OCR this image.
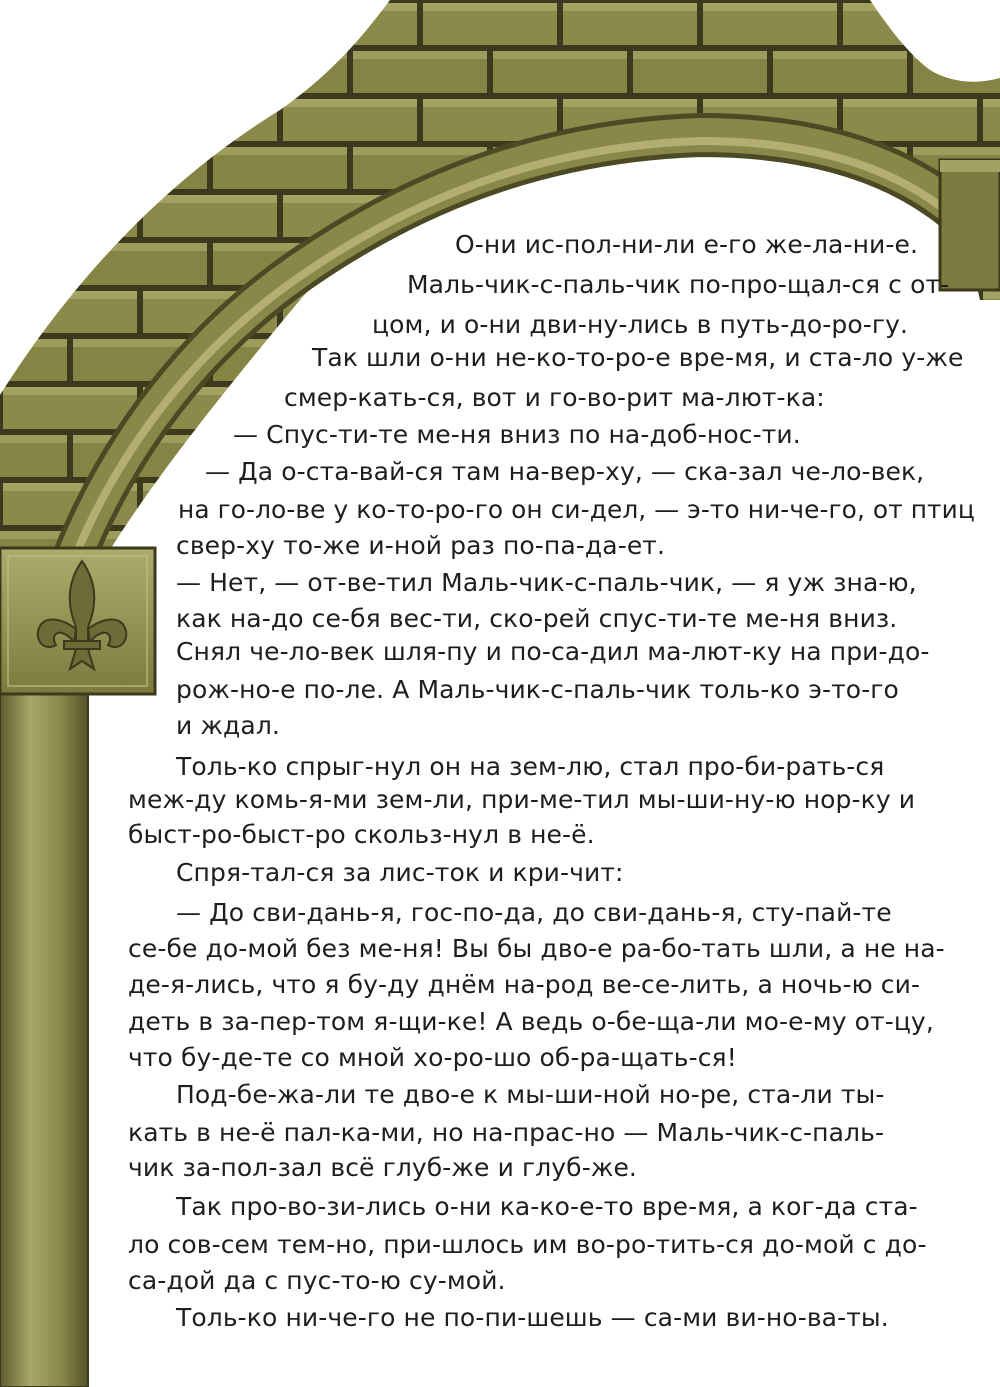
О-ни ис-пол-ни-ли е-го же-ла-ни-е.
Маль-чик-с-паль-чик по-про-щал-ся с от-
цом, и о-ни дви-ну-лись в путь-до-ро-гу.
Так шли о-ни не-ко-то-ро-е вре-мя, и ста-ло у-же
смер-кать-ся, вот и го-во-рит ма-лют-ка:
— Спус-ти-те ме-ня вниз по на-доб-нос-ти.
— Да о-ста-вай-ся там на-вер-ху, — ска-зал че-ло-век,
на го-ло-ве у ко-то-ро-го он си-дел, — э-то ни-че-го, от птиц
свер-ху то-же и-ной раз по-па-да-ет.
— Нет, — от-ве-тил Маль-чик-с-паль-чик, — я уж зна-ю,
как на-до се-бя вес-ти, ско-рей спус-ти-те ме-ня вниз.
Снял че-ло-век шля-пу и по-са-дил ма-лют-ку на при-до-
рож-но-е по-ле. А Маль-чик-с-паль-чик толь-ко э-то-го
и ждал.
Толь-ко спрыг-нул он на зем-лю, стал про-би-рать-ся
меж-ду комь-я-ми зем-ли, при-ме-тил мы-ши-ну-ю нор-ку и
быст-ро-быст-ро скольз-нул в не-ё.
Спря-тал-ся за лис-ток и кри-чит:
— До сви-дань-я, гос-по-да, до сви-дань-я, сту-пай-те
се-бе до-мой без ме-ня! Вы бы дво-е ра-бо-тать шли, а не на-
де-я-лись, что я бу-ду днём на-род ве-се-лить, а ночь-ю си-
деть в за-пер-том я-щи-ке! А ведь о-бе-ща-ли мо-е-му от-цу,
что бу-де-те со мной хо-ро-шо об-ра-щать-ся!
Под-бе-жа-ли те дво-е к мы-ши-ной но-ре, ста-ли ты-
кать в не-ё пал-ка-ми, но на-прас-но — Маль-чик-с-паль-
чик за-пол-зал всё глуб-же и глуб-же.
Так про-во-зи-лись о-ни ка-ко-е-то вре-мя, а ког-да ста-
ло сов-сем тем-но, при-шлось им во-ро-тить-ся до-мой с до-
са-дой да с пус-то-ю су-мой.
Толь-ко ни-че-го не по-пи-шешь — са-ми ви-но-ва-ты.
